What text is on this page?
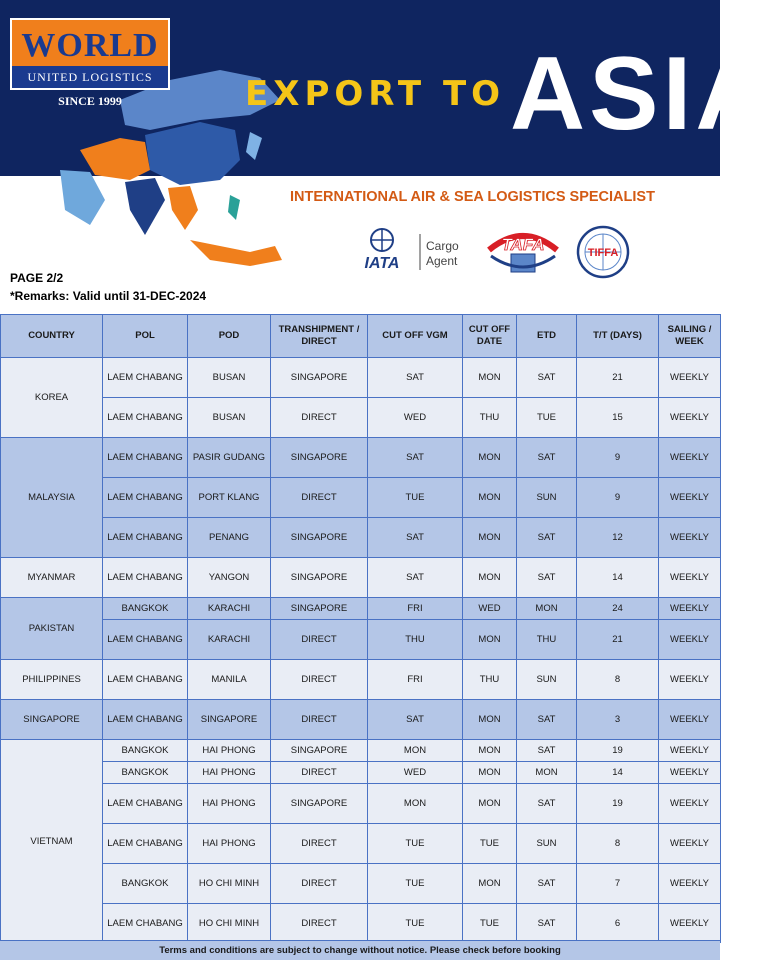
WORLD
UNITED LOGISTICS
SINCE 1999	EXPORT TO ASIA
INTERNATIONAL AIR & SEA LOGISTICS SPECIALIST
IATA
Cargo
Agent
TAFA	TIFFA
PAGE 2/2
*Remarks: Valid until 31-DEC-2024
COUNTRY	POL	POD	TRANSHIPMENT / DIRECT	CUT OFF VGM	CUT OFF DATE	ETD	T/T (DAYS)	SAILING / WEEK
KOREA	LAEM CHABANG	BUSAN	SINGAPORE	SAT	MON	SAT	21	WEEKLY
	LAEM CHABANG	BUSAN	DIRECT	WED	THU	TUE	15	WEEKLY
MALAYSIA	LAEM CHABANG	PASIR GUDANG	SINGAPORE	SAT	MON	SAT	9	WEEKLY
	LAEM CHABANG	PORT KLANG	DIRECT	TUE	MON	SUN	9	WEEKLY
	LAEM CHABANG	PENANG	SINGAPORE	SAT	MON	SAT	12	WEEKLY
MYANMAR	LAEM CHABANG	YANGON	SINGAPORE	SAT	MON	SAT	14	WEEKLY
PAKISTAN	BANGKOK	KARACHI	SINGAPORE	FRI	WED	MON	24	WEEKLY
	LAEM CHABANG	KARACHI	DIRECT	THU	MON	THU	21	WEEKLY
PHILIPPINES	LAEM CHABANG	MANILA	DIRECT	FRI	THU	SUN	8	WEEKLY
SINGAPORE	LAEM CHABANG	SINGAPORE	DIRECT	SAT	MON	SAT	3	WEEKLY
VIETNAM	BANGKOK	HAI PHONG	SINGAPORE	MON	MON	SAT	19	WEEKLY
	BANGKOK	HAI PHONG	DIRECT	WED	MON	MON	14	WEEKLY
	LAEM CHABANG	HAI PHONG	SINGAPORE	MON	MON	SAT	19	WEEKLY
	LAEM CHABANG	HAI PHONG	DIRECT	TUE	TUE	SUN	8	WEEKLY
	BANGKOK	HO CHI MINH	DIRECT	TUE	MON	SAT	7	WEEKLY
	LAEM CHABANG	HO CHI MINH	DIRECT	TUE	TUE	SAT	6	WEEKLY
Terms and conditions are subject to change without notice. Please check before booking
